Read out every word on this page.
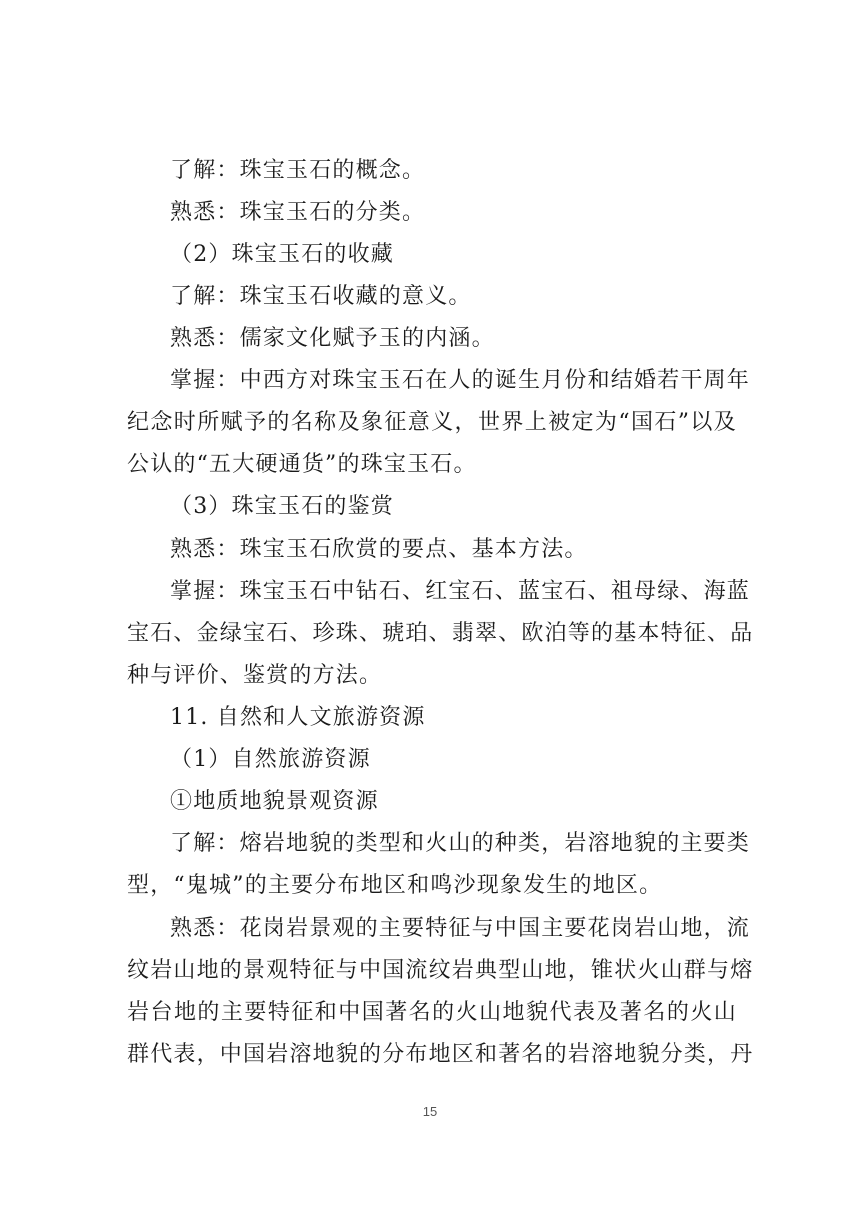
了解：珠宝玉石的概念。
熟悉：珠宝玉石的分类。
（2）珠宝玉石的收藏
了解：珠宝玉石收藏的意义。
熟悉：儒家文化赋予玉的内涵。
掌握：中西方对珠宝玉石在人的诞生月份和结婚若干周年
纪念时所赋予的名称及象征意义，世界上被定为“国石”以及
公认的“五大硬通货”的珠宝玉石。
（3）珠宝玉石的鉴赏
熟悉：珠宝玉石欣赏的要点、基本方法。
掌握：珠宝玉石中钻石、红宝石、蓝宝石、祖母绿、海蓝
宝石、金绿宝石、珍珠、琥珀、翡翠、欧泊等的基本特征、品
种与评价、鉴赏的方法。
11. 自然和人文旅游资源
（1）自然旅游资源
①地质地貌景观资源
了解：熔岩地貌的类型和火山的种类，岩溶地貌的主要类
型，“鬼城”的主要分布地区和鸣沙现象发生的地区。
熟悉：花岗岩景观的主要特征与中国主要花岗岩山地，流
纹岩山地的景观特征与中国流纹岩典型山地，锥状火山群与熔
岩台地的主要特征和中国著名的火山地貌代表及著名的火山
群代表，中国岩溶地貌的分布地区和著名的岩溶地貌分类，丹
15
